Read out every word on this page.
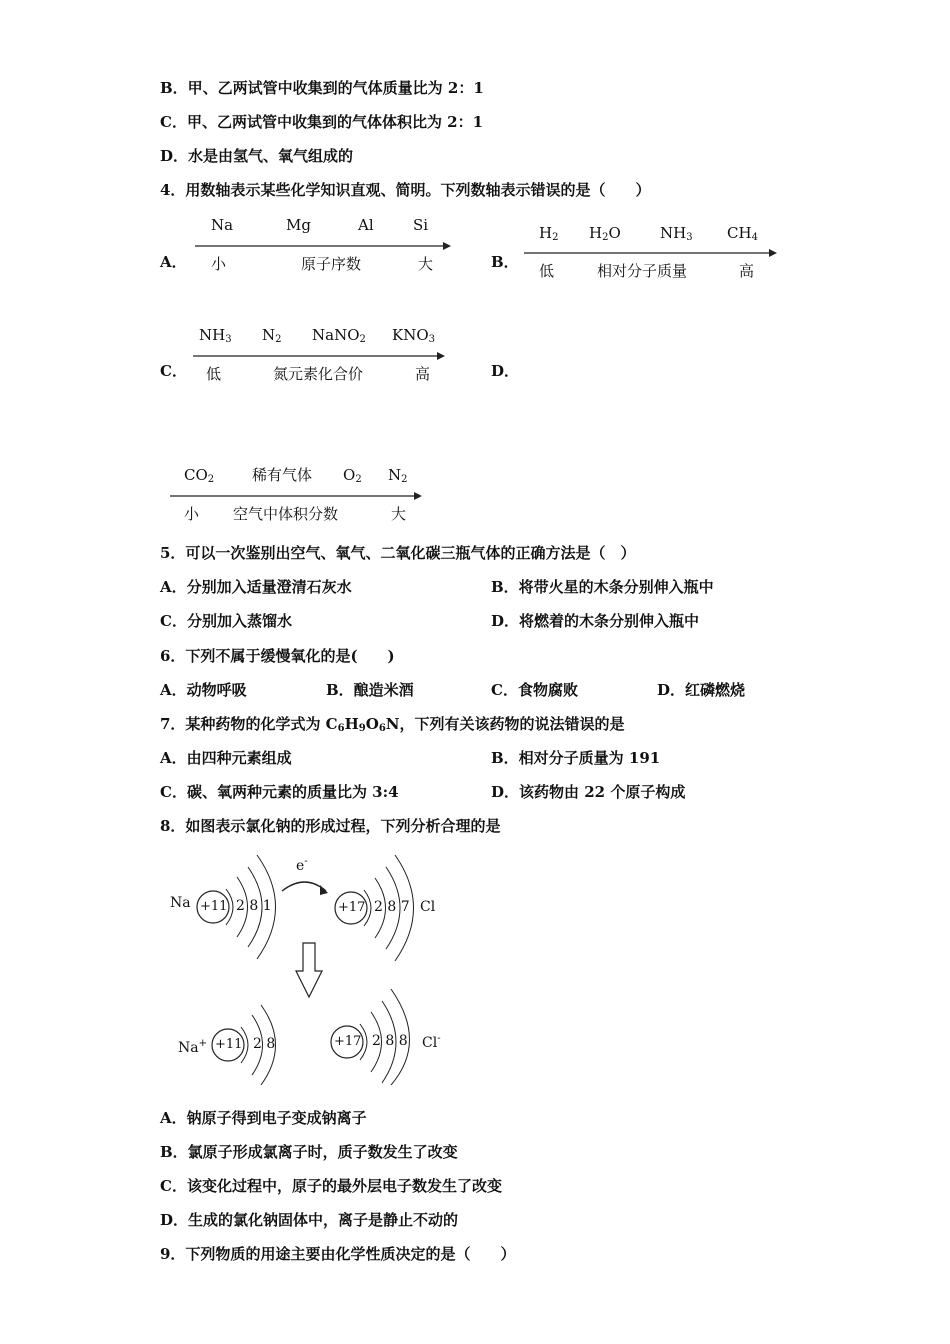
B．甲、乙两试管中收集到的气体质量比为 2：1
C．甲、乙两试管中收集到的气体体积比为 2：1
D．水是由氢气、氧气组成的
4．用数轴表示某些化学知识直观、简明。下列数轴表示错误的是（　　）
A．
Na	Mg	Al	Si
小	原子序数	大	B．
$H_2$ $H_2O$	$NH_3$ $CH_4$
低	相对分子质量	高
C．
$NH_3$ $N_2$ NaNO$_2$ $KNO_3$
低	氮元素化合价	高	D．
$CO_2$	稀有气体 $O_2$ $N_2$
小 空气中体积分数	大
5．可以一次鉴别出空气、氧气、二氧化碳三瓶气体的正确方法是（　）
A．分别加入适量澄清石灰水	B．将带火星的木条分别伸入瓶中
C．分别加入蒸馏水	D．将燃着的木条分别伸入瓶中
6．下列不属于缓慢氧化的是(　　)
A．动物呼吸	B．酿造米酒	C．食物腐败	D．红磷燃烧
7．某种药物的化学式为 $C_6H_9O_6N$，下列有关该药物的说法错误的是
A．由四种元素组成	B．相对分子质量为 191
C．碳、氧两种元素的质量比为 3:4	D．该药物由 22 个原子构成
8．如图表示氯化钠的形成过程，下列分析合理的是
Na +11 2 8 1
e-
+17 2 8 7 Cl
Na+ +11 2 8	+17 2 8 8 Cl-
A．钠原子得到电子变成钠离子
B．氯原子形成氯离子时，质子数发生了改变
C．该变化过程中，原子的最外层电子数发生了改变
D．生成的氯化钠固体中，离子是静止不动的
9．下列物质的用途主要由化学性质决定的是（　　）
